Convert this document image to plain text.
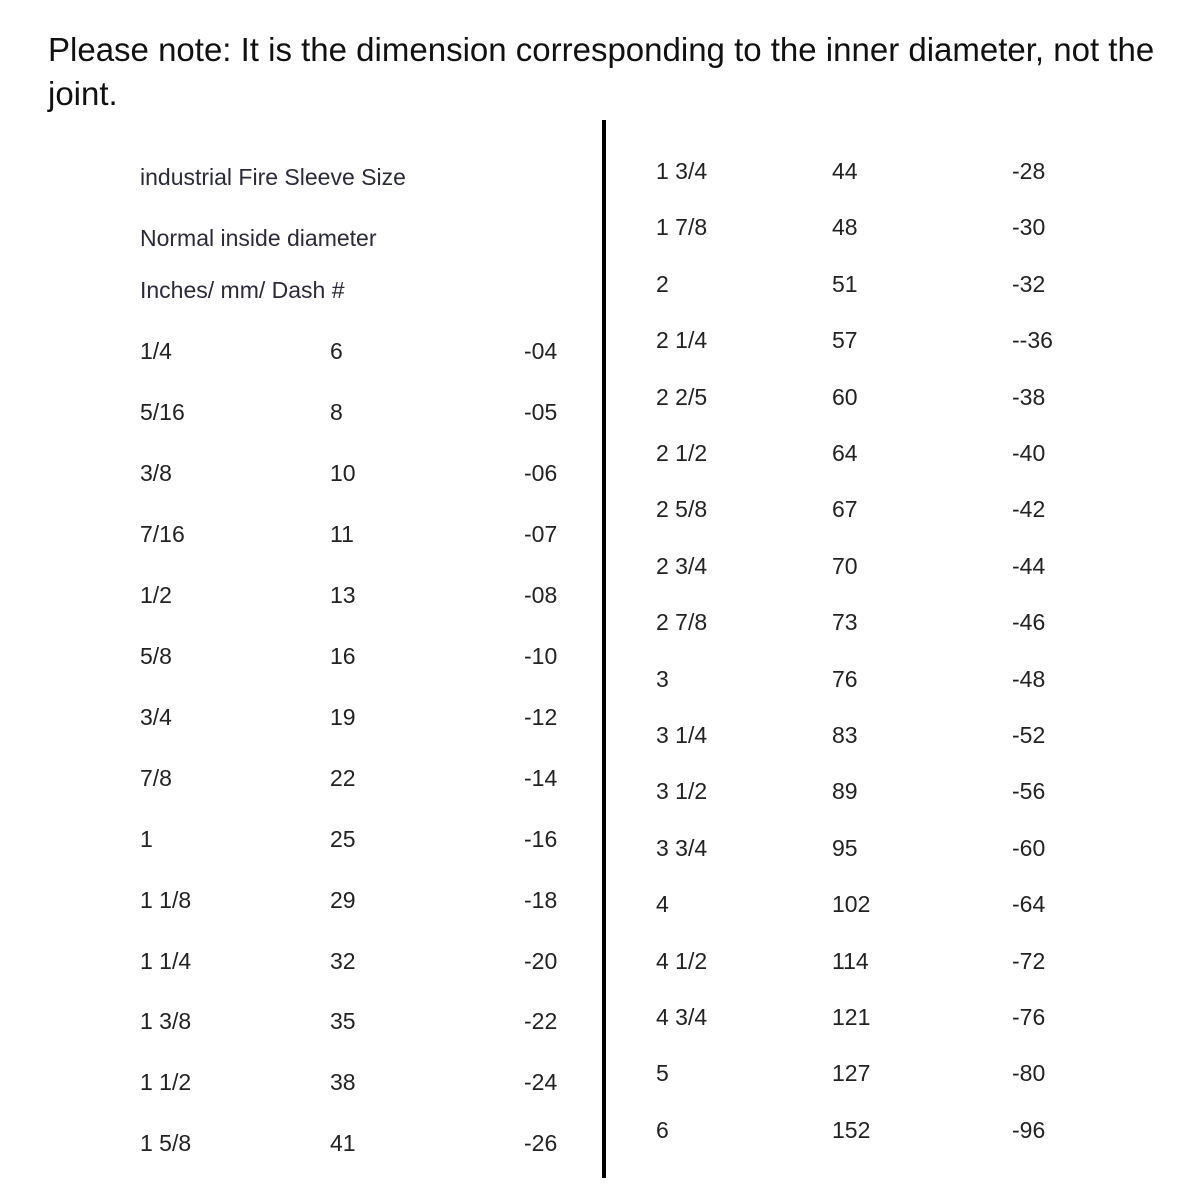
Please note: It is the dimension corresponding to the inner diameter, not the joint.
industrial Fire Sleeve Size
Normal inside diameter
Inches/ mm/ Dash #
1/4	6	-04
5/16	8	-05
3/8	10	-06
7/16	11	-07
1/2	13	-08
5/8	16	-10
3/4	19	-12
7/8	22	-14
1	25	-16
1 1/8	29	-18
1 1/4	32	-20
1 3/8	35	-22
1 1/2	38	-24
1 5/8	41	-26
1 3/4	44	-28
1 7/8	48	-30
2	51	-32
2 1/4	57	--36
2 2/5	60	-38
2 1/2	64	-40
2 5/8	67	-42
2 3/4	70	-44
2 7/8	73	-46
3	76	-48
3 1/4	83	-52
3 1/2	89	-56
3 3/4	95	-60
4	102	-64
4 1/2	114	-72
4 3/4	121	-76
5	127	-80
6	152	-96
